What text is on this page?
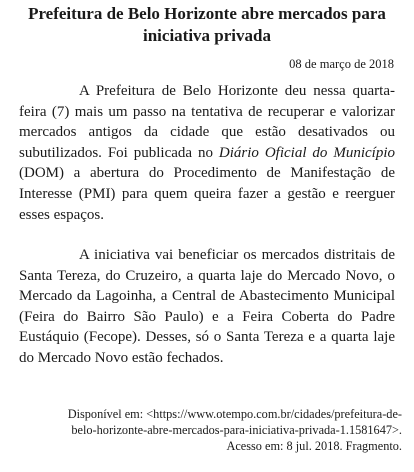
Prefeitura de Belo Horizonte abre mercados para iniciativa privada
08 de março de 2018

A Prefeitura de Belo Horizonte deu nessa quarta-feira (7) mais um passo na tentativa de recuperar e valorizar mercados antigos da cidade que estão desativados ou subutilizados. Foi publicada no Diário Oficial do Município (DOM) a abertura do Procedimento de Manifestação de Interesse (PMI) para quem queira fazer a gestão e reerguer esses espaços.

A iniciativa vai beneficiar os mercados distritais de Santa Tereza, do Cruzeiro, a quarta laje do Mercado Novo, o Mercado da Lagoinha, a Central de Abastecimento Municipal (Feira do Bairro São Paulo) e a Feira Coberta do Padre Eustáquio (Fecope). Desses, só o Santa Tereza e a quarta laje do Mercado Novo estão fechados.

Disponível em: <https://www.otempo.com.br/cidades/prefeitura-de-
belo-horizonte-abre-mercados-para-iniciativa-privada-1.1581647>.
Acesso em: 8 jul. 2018. Fragmento.
